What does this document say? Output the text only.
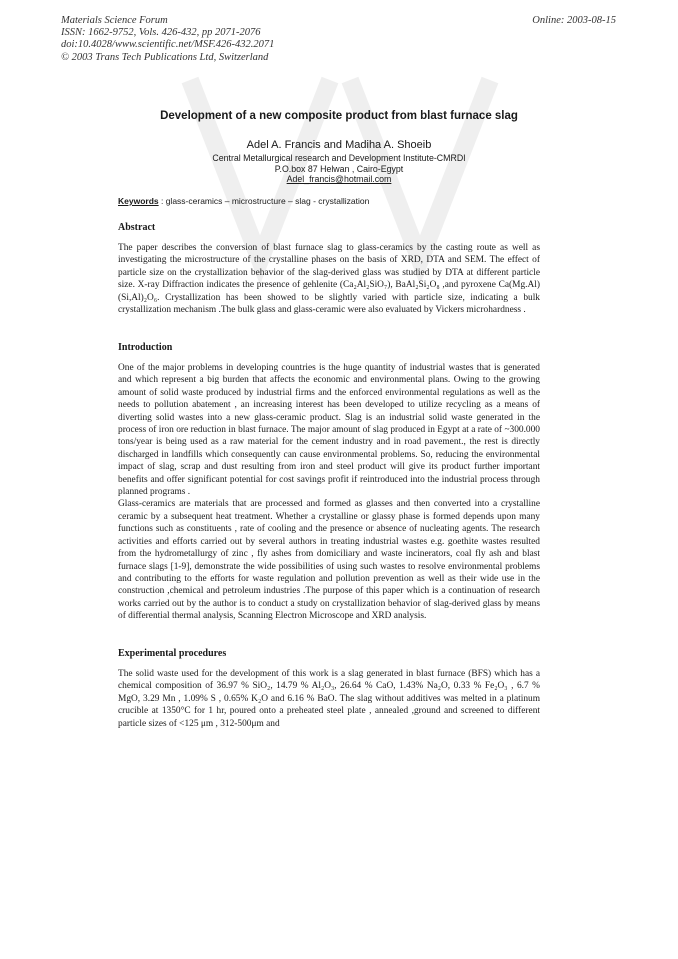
Materials Science Forum
ISSN: 1662-9752, Vols. 426-432, pp 2071-2076
doi:10.4028/www.scientific.net/MSF.426-432.2071
© 2003 Trans Tech Publications Ltd, Switzerland
Online: 2003-08-15
Development of a new composite product from blast furnace slag
Adel A. Francis and Madiha A. Shoeib
Central Metallurgical research and Development Institute-CMRDI
P.O.box 87 Helwan , Cairo-Egypt
Adel_francis@hotmail.com
Keywords : glass-ceramics – microstructure – slag - crystallization
Abstract

The paper describes the conversion of blast furnace slag to glass-ceramics by the casting route as well as investigating the microstructure of the crystalline phases on the basis of XRD, DTA and SEM. The effect of particle size on the crystallization behavior of the slag-derived glass was studied by DTA at different particle size. X-ray Diffraction indicates the presence of gehlenite (Ca₂Al₂SiO₇), BaAl₂Si₂O₈ ,and pyroxene Ca(Mg.Al)(Si,Al)₂O₆. Crystallization has been showed to be slightly varied with particle size, indicating a bulk crystallization mechanism .The bulk glass and glass-ceramic were also evaluated by Vickers microhardness .

Introduction

One of the major problems in developing countries is the huge quantity of industrial wastes that is generated and which represent a big burden that affects the economic and environmental plans. Owing to the growing amount of solid waste produced by industrial firms and the enforced environmental regulations as well as the needs to pollution abatement , an increasing interest has been developed to utilize recycling as a means of diverting solid wastes into a new glass-ceramic product. Slag is an industrial solid waste generated in the process of iron ore reduction in blast furnace. The major amount of slag produced in Egypt at a rate of ~300.000 tons/year is being used as a raw material for the cement industry and in road pavement., the rest is directly discharged in landfills which consequently can cause environmental problems. So, reducing the environmental impact of slag, scrap and dust resulting from iron and steel product will give its product further important benefits and offer significant potential for cost savings profit if reintroduced into the industrial process through planned programs .

Glass-ceramics are materials that are processed and formed as glasses and then converted into a crystalline ceramic by a subsequent heat treatment. Whether a crystalline or glassy phase is formed depends upon many functions such as constituents , rate of cooling and the presence or absence of nucleating agents. The research activities and efforts carried out by several authors in treating industrial wastes e.g. goethite wastes resulted from the hydrometallurgy of zinc , fly ashes from domiciliary and waste incinerators, coal fly ash and blast furnace slags [1-9], demonstrate the wide possibilities of using such wastes to resolve environmental problems and contributing to the efforts for waste regulation and pollution prevention as well as their wide use in the construction ,chemical and petroleum industries .The purpose of this paper which is a continuation of research works carried out by the author is to conduct a study on crystallization behavior of slag-derived glass by means of differential thermal analysis, Scanning Electron Microscope and XRD analysis.

Experimental procedures

The solid waste used for the development of this work is a slag generated in blast furnace (BFS) which has a chemical composition of 36.97 % SiO₂, 14.79 % Al₂O₃, 26.64 % CaO, 1.43% Na₂O, 0.33 % Fe₂O₃ , 6.7 % MgO, 3.29 Mn , 1.09% S , 0.65% K₂O and 6.16 % BaO. The slag without additives was melted in a platinum crucible at 1350°C for 1 hr, poured onto a preheated steel plate , annealed ,ground and screened to different particle sizes of <125 μm , 312-500μm and
